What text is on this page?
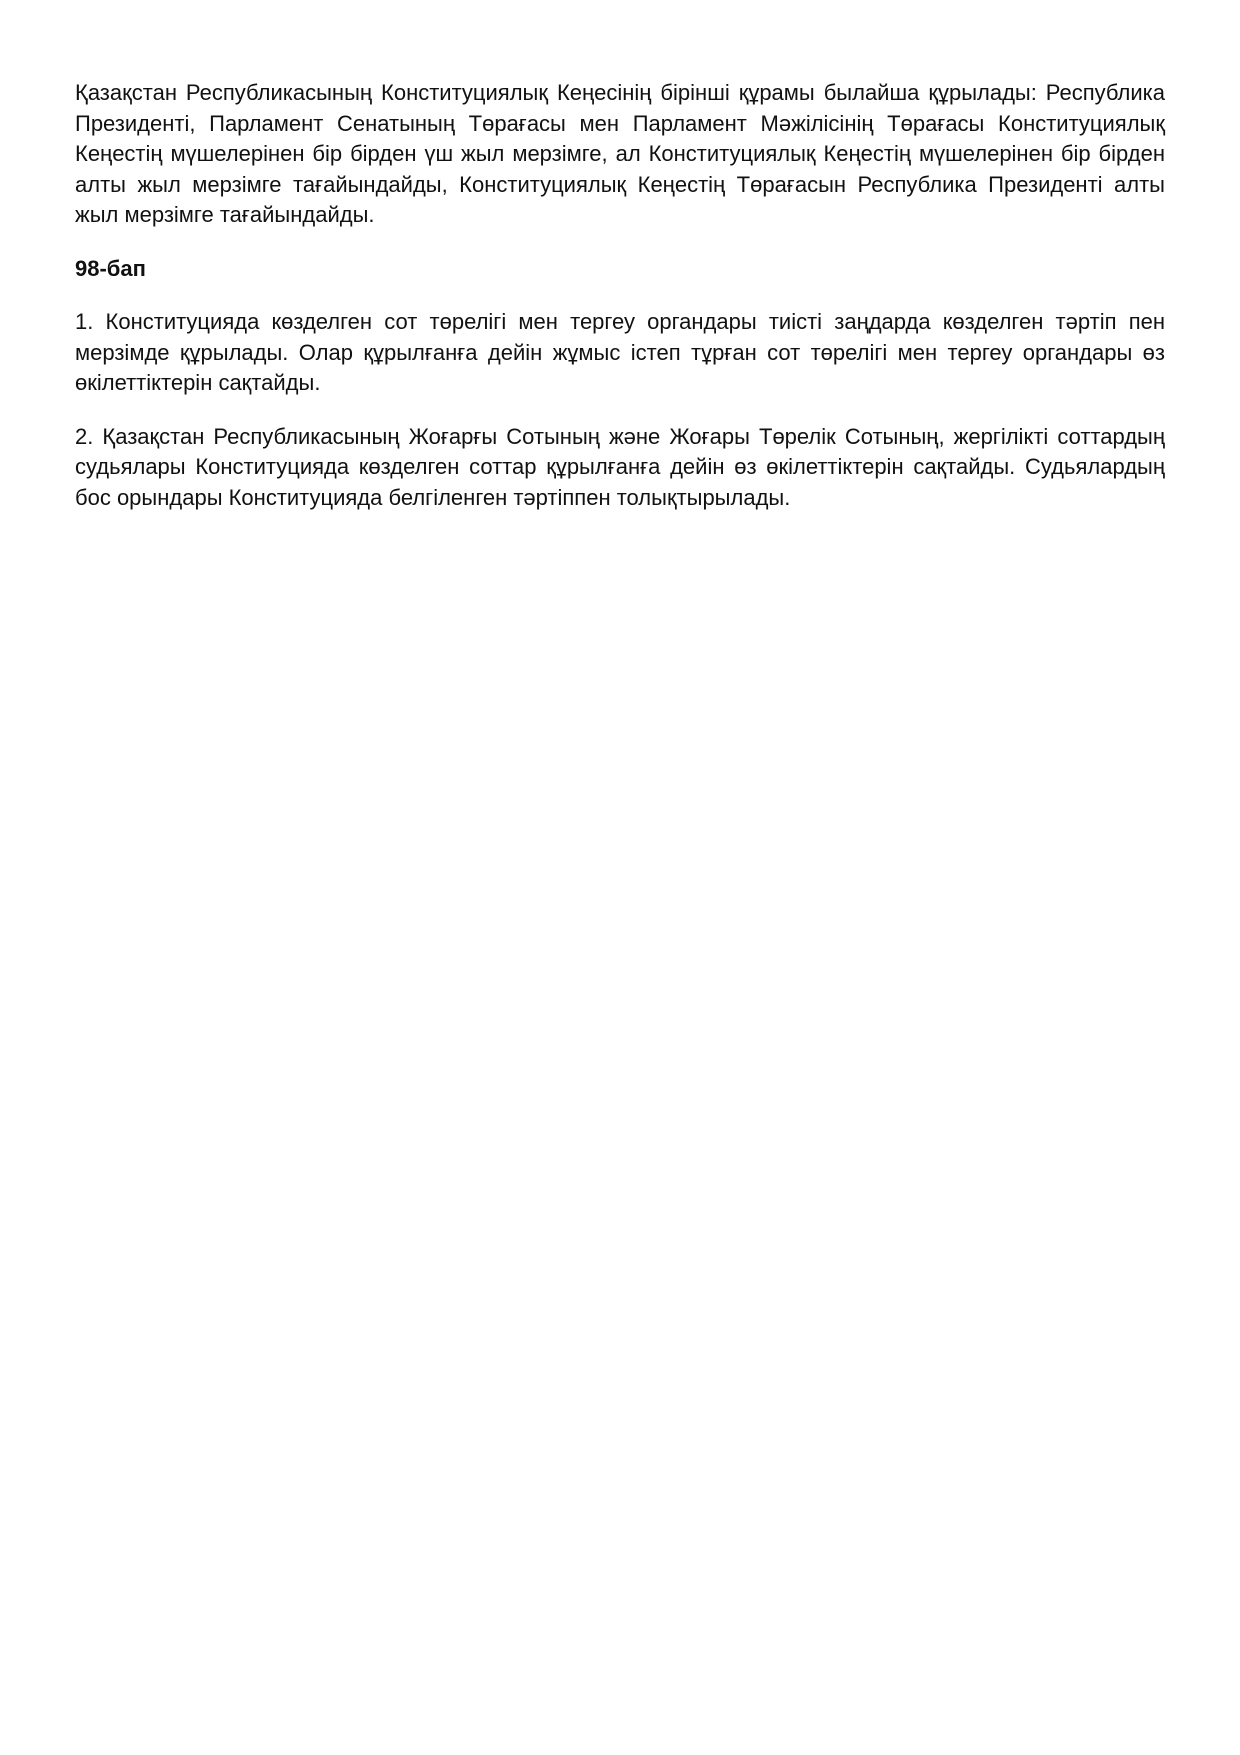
Қазақстан Республикасының Конституциялық Кеңесінің бірінші құрамы былайша құрылады: Республика Президенті, Парламент Сенатының Төрағасы мен Парламент Мәжілісінің Төрағасы Конституциялық Кеңестің мүшелерінен бір бірден үш жыл мерзімге, ал Конституциялық Кеңестің мүшелерінен бір бірден алты жыл мерзімге тағайындайды, Конституциялық Кеңестің Төрағасын Республика Президенті алты жыл мерзімге тағайындайды.

98-бап

1. Конституцияда көзделген сот төрелігі мен тергеу органдары тиісті заңдарда көзделген тәртіп пен мерзімде құрылады. Олар құрылғанға дейін жұмыс істеп тұрған сот төрелігі мен тергеу органдары өз өкілеттіктерін сақтайды.

2. Қазақстан Республикасының Жоғарғы Сотының және Жоғары Төрелік Сотының, жергілікті соттардың судьялары Конституцияда көзделген соттар құрылғанға дейін өз өкілеттіктерін сақтайды. Судьялардың бос орындары Конституцияда белгіленген тәртіппен толықтырылады.
